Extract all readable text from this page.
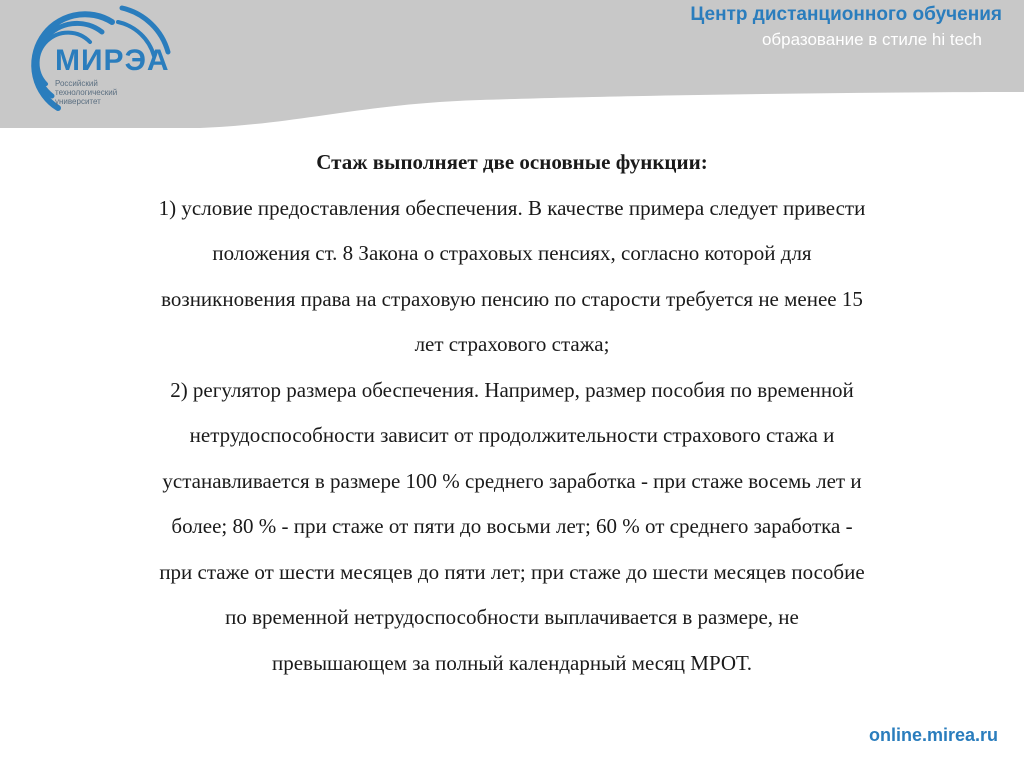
МИРЭА
Российский технологический университет
Центр дистанционного обучения
образование в стиле hi tech

Стаж выполняет две основные функции:

1) условие предоставления обеспечения. В качестве примера следует привести

положения ст. 8 Закона о страховых пенсиях, согласно которой для

возникновения права на страховую пенсию по старости требуется не менее 15

лет страхового стажа;

2) регулятор размера обеспечения. Например, размер пособия по временной

нетрудоспособности зависит от продолжительности страхового стажа и

устанавливается в размере 100 % среднего заработка - при стаже восемь лет и

более; 80 % - при стаже от пяти до восьми лет; 60 % от среднего заработка -

при стаже от шести месяцев до пяти лет; при стаже до шести месяцев пособие

по временной нетрудоспособности выплачивается в размере, не

превышающем за полный календарный месяц МРОТ.

online.mirea.ru
